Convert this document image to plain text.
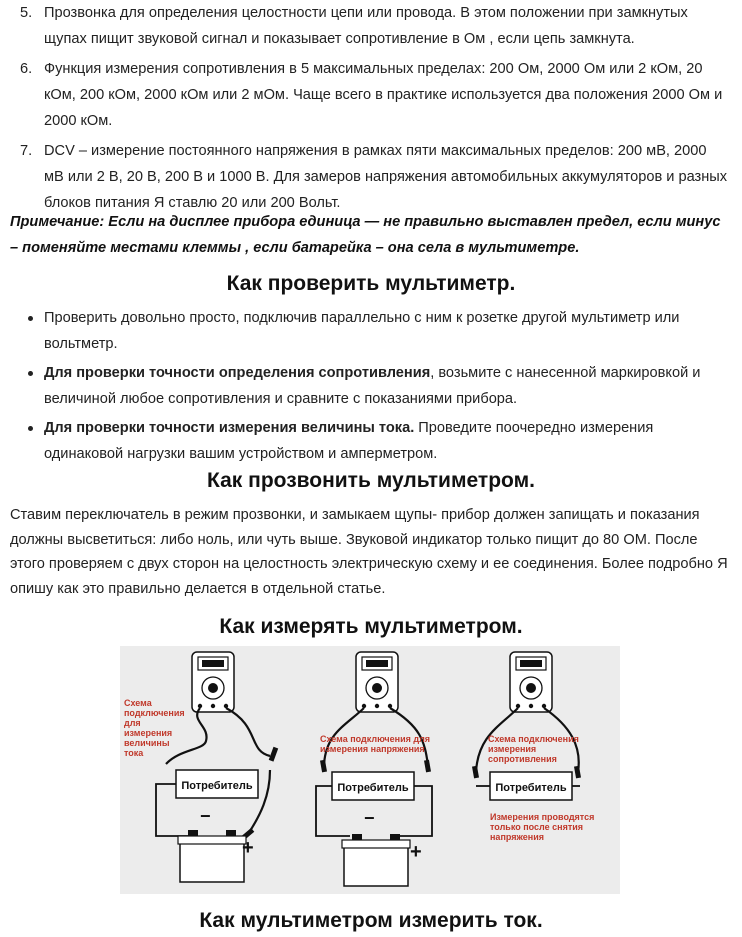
5. Прозвонка для определения целостности цепи или провода. В этом положении при замкнутых щупах пищит звуковой сигнал и показывает сопротивление в Ом , если цепь замкнута.
6. Функция измерения сопротивления в 5 максимальных пределах: 200 Ом, 2000 Ом или 2 кОм, 20 кОм, 200 кОм, 2000 кОм или 2 мОм. Чаще всего в практике используется два положения 2000 Ом и 2000 кОм.
7. DCV – измерение постоянного напряжения в рамках пяти максимальных пределов: 200 мВ, 2000 мВ или 2 В, 20 В, 200 В и 1000 В. Для замеров напряжения автомобильных аккумуляторов и разных блоков питания Я ставлю 20 или 200 Вольт.
Примечание: Если на дисплее прибора единица — не правильно выставлен предел, если минус – поменяйте местами клеммы , если батарейка – она села в мультиметре.
Как проверить мультиметр.
Проверить довольно просто, подключив параллельно с ним к розетке другой мультиметр или вольтметр.
Для проверки точности определения сопротивления, возьмите с нанесенной маркировкой и величиной любое сопротивления и сравните с показаниями прибора.
Для проверки точности измерения величины тока. Проведите поочередно измерения одинаковой нагрузки вашим устройством и амперметром.
Как прозвонить мультиметром.
Ставим переключатель в режим прозвонки, и замыкаем щупы- прибор должен запищать и показания должны высветиться: либо ноль, или чуть выше. Звуковой индикатор только пищит до 80 ОМ. После этого проверяем с двух сторон на целостность электрическую схему и ее соединения. Более подробно Я опишу как это правильно делается в отдельной статье.
Как измерять мультиметром.
Потребитель
−
+
Схема подключения для измерения величины тока
Потребитель
−
+
Схема подключения для измерения напряжения
Потребитель
Схема подключения измерения сопротивления
Измерения проводятся только после снятия напряжения
Как мультиметром измерить ток.
